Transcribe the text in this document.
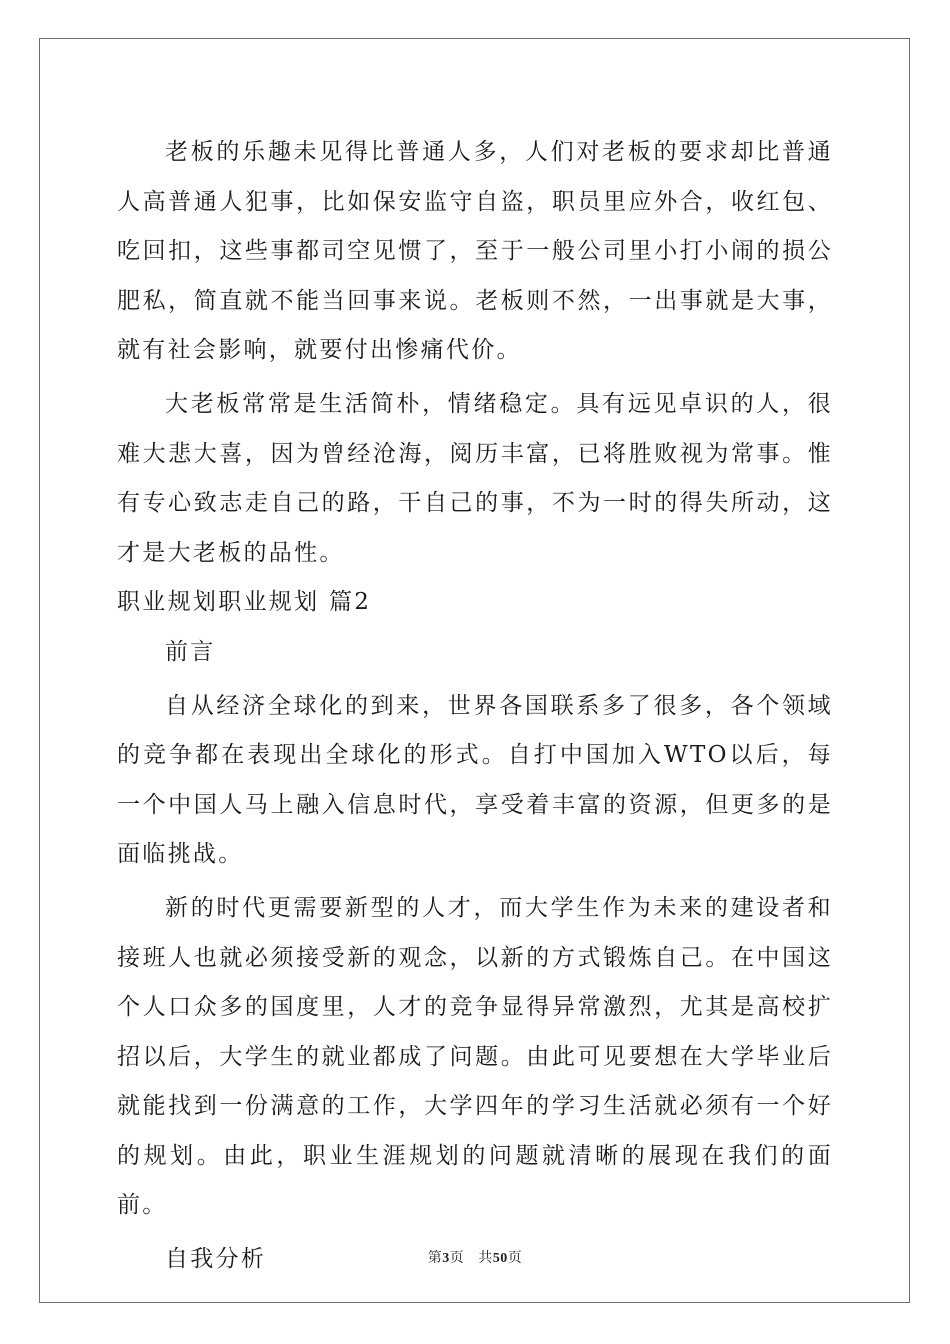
老板的乐趣未见得比普通人多，人们对老板的要求却比普通人高普通人犯事，比如保安监守自盗，职员里应外合，收红包、吃回扣，这些事都司空见惯了，至于一般公司里小打小闹的损公肥私，简直就不能当回事来说。老板则不然，一出事就是大事，就有社会影响，就要付出惨痛代价。

大老板常常是生活简朴，情绪稳定。具有远见卓识的人，很难大悲大喜，因为曾经沧海，阅历丰富，已将胜败视为常事。惟有专心致志走自己的路，干自己的事，不为一时的得失所动，这才是大老板的品性。

职业规划职业规划 篇2

前言

自从经济全球化的到来，世界各国联系多了很多，各个领域的竞争都在表现出全球化的形式。自打中国加入WTO以后，每一个中国人马上融入信息时代，享受着丰富的资源，但更多的是面临挑战。

新的时代更需要新型的人才，而大学生作为未来的建设者和接班人也就必须接受新的观念，以新的方式锻炼自己。在中国这个人口众多的国度里，人才的竞争显得异常激烈，尤其是高校扩招以后，大学生的就业都成了问题。由此可见要想在大学毕业后就能找到一份满意的工作，大学四年的学习生活就必须有一个好的规划。由此，职业生涯规划的问题就清晰的展现在我们的面前。

自我分析	第3页 共50页
